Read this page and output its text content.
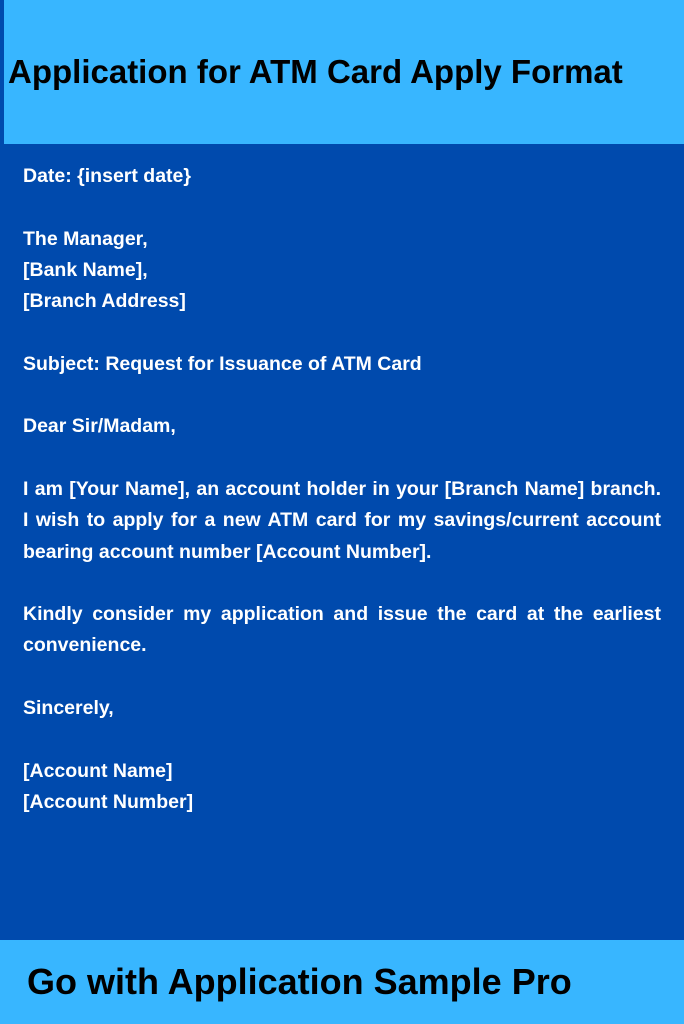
Application for ATM Card Apply Format
Date: {insert date}
The Manager,
[Bank Name],
[Branch Address]
Subject: Request for Issuance of ATM Card
Dear Sir/Madam,
I am [Your Name], an account holder in your [Branch Name] branch. I wish to apply for a new ATM card for my savings/current account bearing account number [Account Number].
Kindly consider my application and issue the card at the earliest convenience.
Sincerely,
[Account Name]
[Account Number]

Go with Application Sample Pro
